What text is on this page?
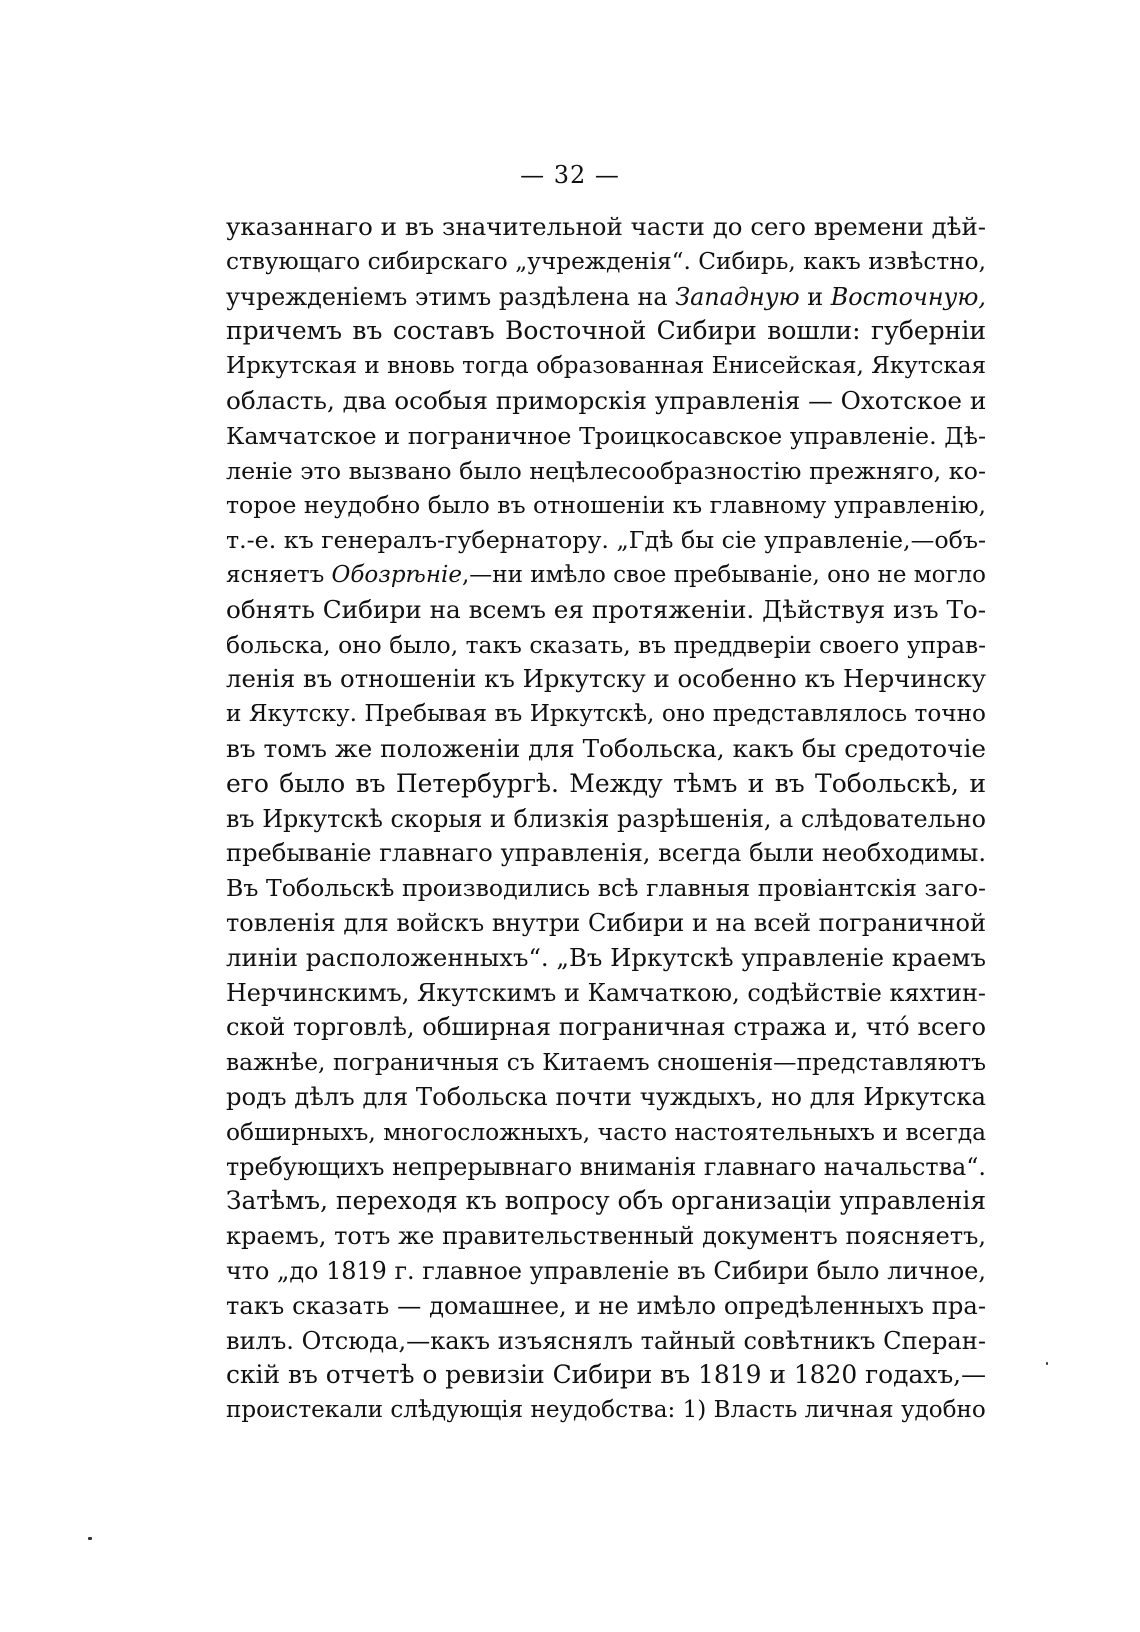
— 32 —
указаннаго и въ значительной части до сего времени дѣй-
ствующаго сибирскаго „учрежденія“. Сибирь, какъ извѣстно,
учрежденіемъ этимъ раздѣлена на Западную и Восточную,
причемъ въ составъ Восточной Сибири вошли: губерніи
Иркутская и вновь тогда образованная Енисейская, Якутская
область, два особыя приморскія управленія — Охотское и
Камчатское и пограничное Троицкосавское управленіе. Дѣ-
леніе это вызвано было нецѣлесообразностію прежняго, ко-
торое неудобно было въ отношеніи къ главному управленію,
т.-е. къ генералъ-губернатору. „Гдѣ бы сіе управленіе,—объ-
ясняетъ Обозрѣніе,—ни имѣло свое пребываніе, оно не могло
обнять Сибири на всемъ ея протяженіи. Дѣйствуя изъ То-
больска, оно было, такъ сказать, въ преддверіи своего управ-
ленія въ отношеніи къ Иркутску и особенно къ Нерчинску
и Якутску. Пребывая въ Иркутскѣ, оно представлялось точно
въ томъ же положеніи для Тобольска, какъ бы средоточіе
его было въ Петербургѣ. Между тѣмъ и въ Тобольскѣ, и
въ Иркутскѣ скорыя и близкія разрѣшенія, а слѣдовательно
пребываніе главнаго управленія, всегда были необходимы.
Въ Тобольскѣ производились всѣ главныя провіантскія заго-
товленія для войскъ внутри Сибири и на всей пограничной
линіи расположенныхъ“. „Въ Иркутскѣ управленіе краемъ
Нерчинскимъ, Якутскимъ и Камчаткою, содѣйствіе кяхтин-
ской торговлѣ, обширная пограничная стража и, что́ всего
важнѣе, пограничныя съ Китаемъ сношенія—представляютъ
родъ дѣлъ для Тобольска почти чуждыхъ, но для Иркутска
обширныхъ, многосложныхъ, часто настоятельныхъ и всегда
требующихъ непрерывнаго вниманія главнаго начальства“.
Затѣмъ, переходя къ вопросу объ организаціи управленія
краемъ, тотъ же правительственный документъ поясняетъ,
что „до 1819 г. главное управленіе въ Сибири было личное,
такъ сказать — домашнее, и не имѣло опредѣленныхъ пра-
вилъ. Отсюда,—какъ изъяснялъ тайный совѣтникъ Сперан-
скій въ отчетѣ о ревизіи Сибири въ 1819 и 1820 годахъ,—
проистекали слѣдующія неудобства: 1) Власть личная удобно
